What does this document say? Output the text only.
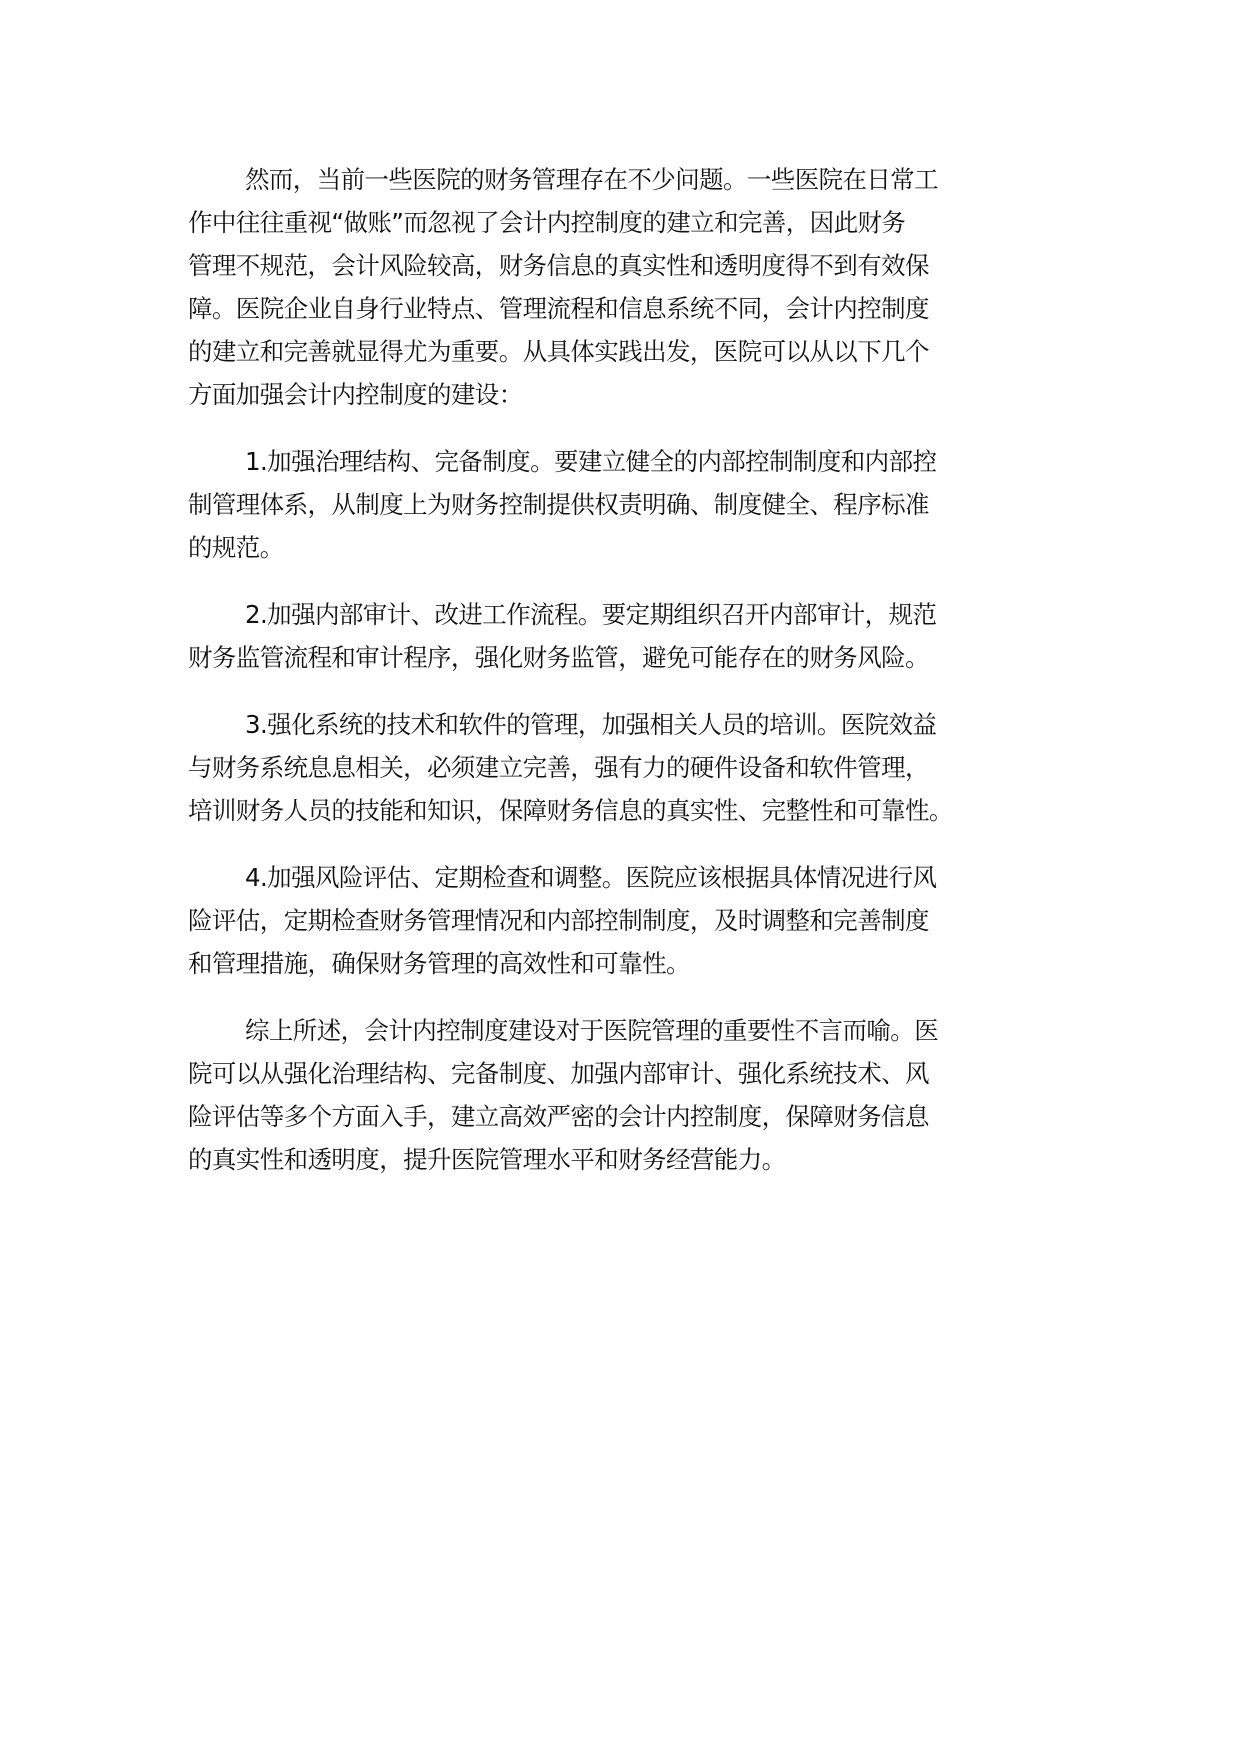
然而，当前一些医院的财务管理存在不少问题。一些医院在日常工
作中往往重视“做账”而忽视了会计内控制度的建立和完善，因此财务
管理不规范，会计风险较高，财务信息的真实性和透明度得不到有效保
障。医院企业自身行业特点、管理流程和信息系统不同，会计内控制度
的建立和完善就显得尤为重要。从具体实践出发，医院可以从以下几个
方面加强会计内控制度的建设：

1.加强治理结构、完备制度。要建立健全的内部控制制度和内部控
制管理体系，从制度上为财务控制提供权责明确、制度健全、程序标准
的规范。

2.加强内部审计、改进工作流程。要定期组织召开内部审计，规范
财务监管流程和审计程序，强化财务监管，避免可能存在的财务风险。

3.强化系统的技术和软件的管理，加强相关人员的培训。医院效益
与财务系统息息相关，必须建立完善，强有力的硬件设备和软件管理，
培训财务人员的技能和知识，保障财务信息的真实性、完整性和可靠性。

4.加强风险评估、定期检查和调整。医院应该根据具体情况进行风
险评估，定期检查财务管理情况和内部控制制度，及时调整和完善制度
和管理措施，确保财务管理的高效性和可靠性。

综上所述，会计内控制度建设对于医院管理的重要性不言而喻。医
院可以从强化治理结构、完备制度、加强内部审计、强化系统技术、风
险评估等多个方面入手，建立高效严密的会计内控制度，保障财务信息
的真实性和透明度，提升医院管理水平和财务经营能力。
